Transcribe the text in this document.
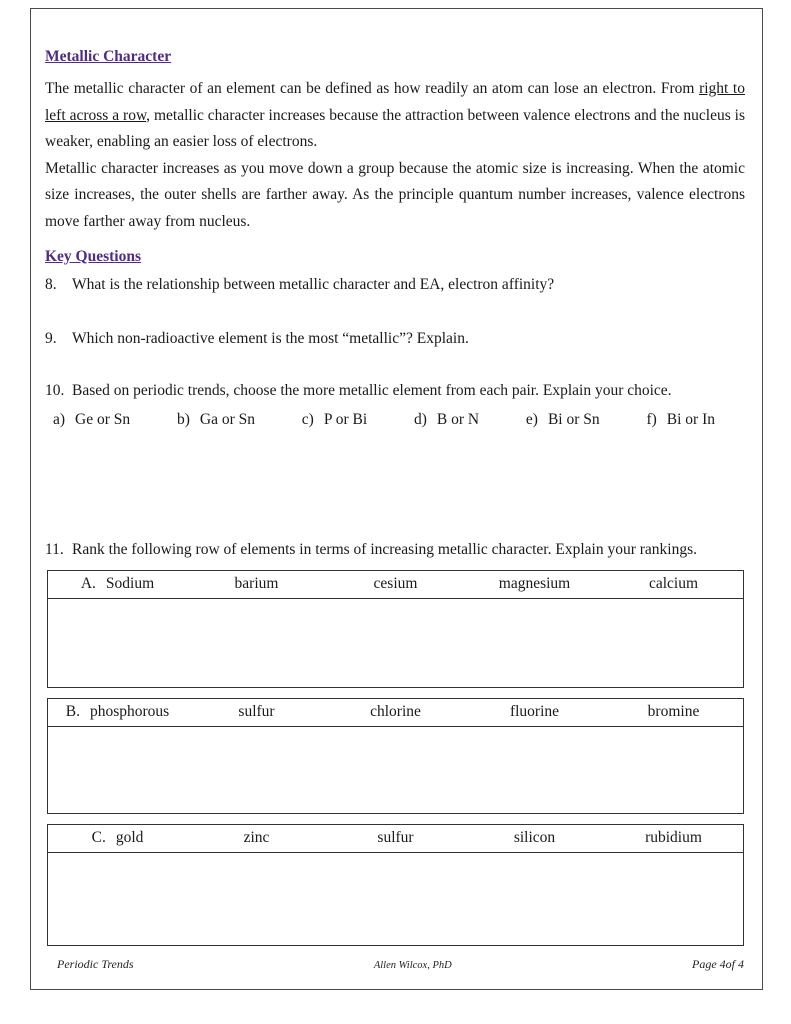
Metallic Character

The metallic character of an element can be defined as how readily an atom can lose an electron. From right to left across a row, metallic character increases because the attraction between valence electrons and the nucleus is weaker, enabling an easier loss of electrons.

Metallic character increases as you move down a group because the atomic size is increasing. When the atomic size increases, the outer shells are farther away. As the principle quantum number increases, valence electrons move farther away from nucleus.

Key Questions
8. What is the relationship between metallic character and EA, electron affinity?
9. Which non-radioactive element is the most “metallic”? Explain.
10. Based on periodic trends, choose the more metallic element from each pair. Explain your choice.
a) Ge or Sn	b) Ga or Sn	c) P or Bi	d) B or N	e) Bi or Sn	f) Bi or In
11. Rank the following row of elements in terms of increasing metallic character. Explain your rankings.
A. Sodium	barium	cesium	magnesium	calcium
B. phosphorous	sulfur	chlorine	fluorine	bromine
C. gold	zinc	sulfur	silicon	rubidium
Periodic Trends	Allen Wilcox, PhD	Page 4of 4
